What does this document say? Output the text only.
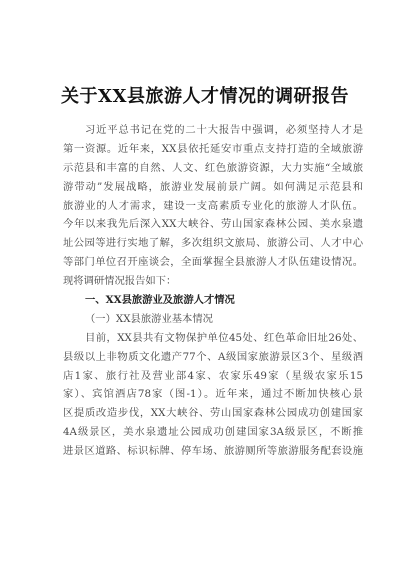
关于XX县旅游人才情况的调研报告
习近平总书记在党的二十大报告中强调，必须坚持人才是
第一资源。近年来，XX县依托延安市重点支持打造的全域旅游
示范县和丰富的自然、人文、红色旅游资源，大力实施“全域旅
游带动”发展战略，旅游业发展前景广阔。如何满足示范县和
旅游业的人才需求，建设一支高素质专业化的旅游人才队伍。
今年以来我先后深入XX大峡谷、劳山国家森林公园、美水泉遗
址公园等进行实地了解，多次组织文旅局、旅游公司、人才中心
等部门单位召开座谈会，全面掌握全县旅游人才队伍建设情况。
现将调研情况报告如下：
一、XX县旅游业及旅游人才情况
（一）XX县旅游业基本情况
目前，XX县共有文物保护单位45处、红色革命旧址26处、
县级以上非物质文化遗产77个、A级国家旅游景区3个、星级酒
店1家、旅行社及营业部4家、农家乐49家（星级农家乐15
家）、宾馆酒店78家（图-1）。近年来，通过不断加快核心景
区提质改造步伐，XX大峡谷、劳山国家森林公园成功创建国家
4A级景区，美水泉遗址公园成功创建国家3A级景区，不断推
进景区道路、标识标牌、停车场、旅游厕所等旅游服务配套设施
